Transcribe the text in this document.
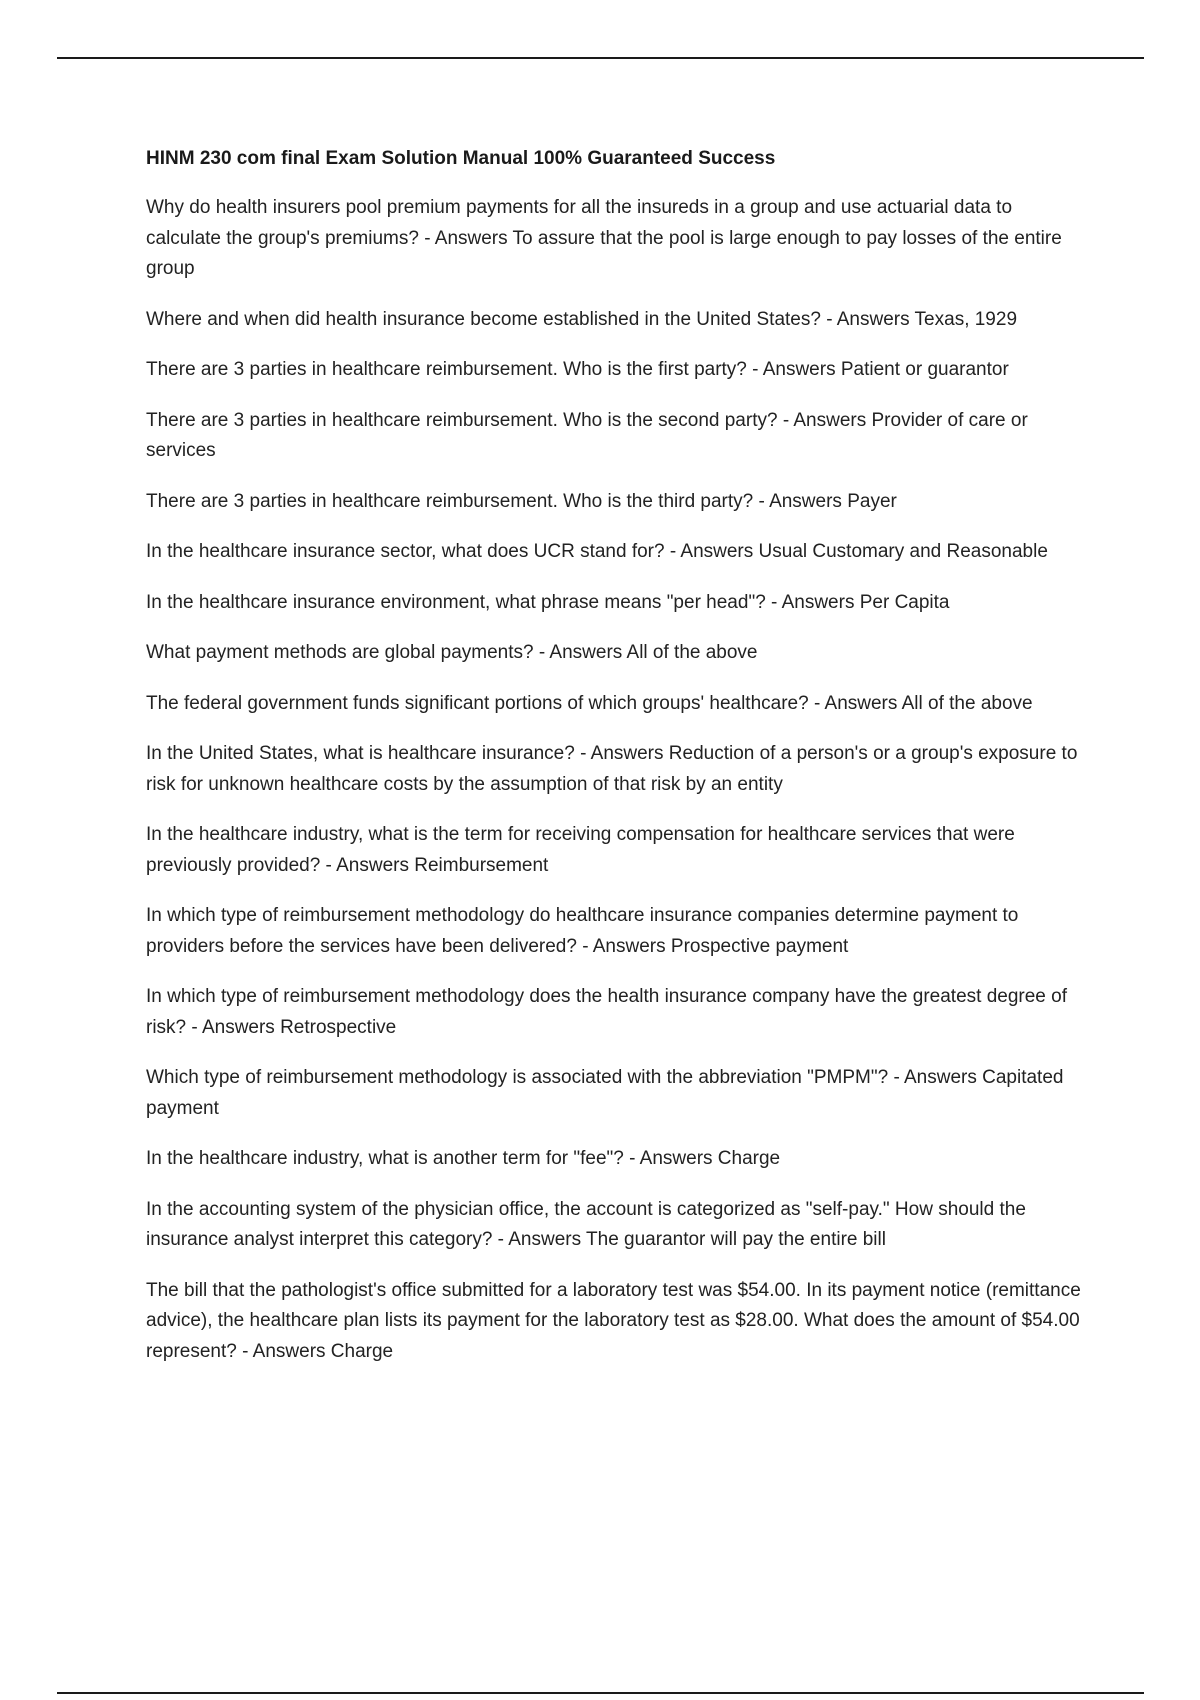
HINM 230 com final Exam Solution Manual 100% Guaranteed Success

Why do health insurers pool premium payments for all the insureds in a group and use actuarial data to calculate the group's premiums? - Answers To assure that the pool is large enough to pay losses of the entire group

Where and when did health insurance become established in the United States? - Answers Texas, 1929

There are 3 parties in healthcare reimbursement. Who is the first party? - Answers Patient or guarantor

There are 3 parties in healthcare reimbursement. Who is the second party? - Answers Provider of care or services

There are 3 parties in healthcare reimbursement. Who is the third party? - Answers Payer

In the healthcare insurance sector, what does UCR stand for? - Answers Usual Customary and Reasonable

In the healthcare insurance environment, what phrase means "per head"? - Answers Per Capita

What payment methods are global payments? - Answers All of the above

The federal government funds significant portions of which groups' healthcare? - Answers All of the above

In the United States, what is healthcare insurance? - Answers Reduction of a person's or a group's exposure to risk for unknown healthcare costs by the assumption of that risk by an entity

In the healthcare industry, what is the term for receiving compensation for healthcare services that were previously provided? - Answers Reimbursement

In which type of reimbursement methodology do healthcare insurance companies determine payment to providers before the services have been delivered? - Answers Prospective payment

In which type of reimbursement methodology does the health insurance company have the greatest degree of risk? - Answers Retrospective

Which type of reimbursement methodology is associated with the abbreviation "PMPM"? - Answers Capitated payment

In the healthcare industry, what is another term for "fee"? - Answers Charge

In the accounting system of the physician office, the account is categorized as "self-pay." How should the insurance analyst interpret this category? - Answers The guarantor will pay the entire bill

The bill that the pathologist's office submitted for a laboratory test was $54.00. In its payment notice (remittance advice), the healthcare plan lists its payment for the laboratory test as $28.00. What does the amount of $54.00 represent? - Answers Charge
